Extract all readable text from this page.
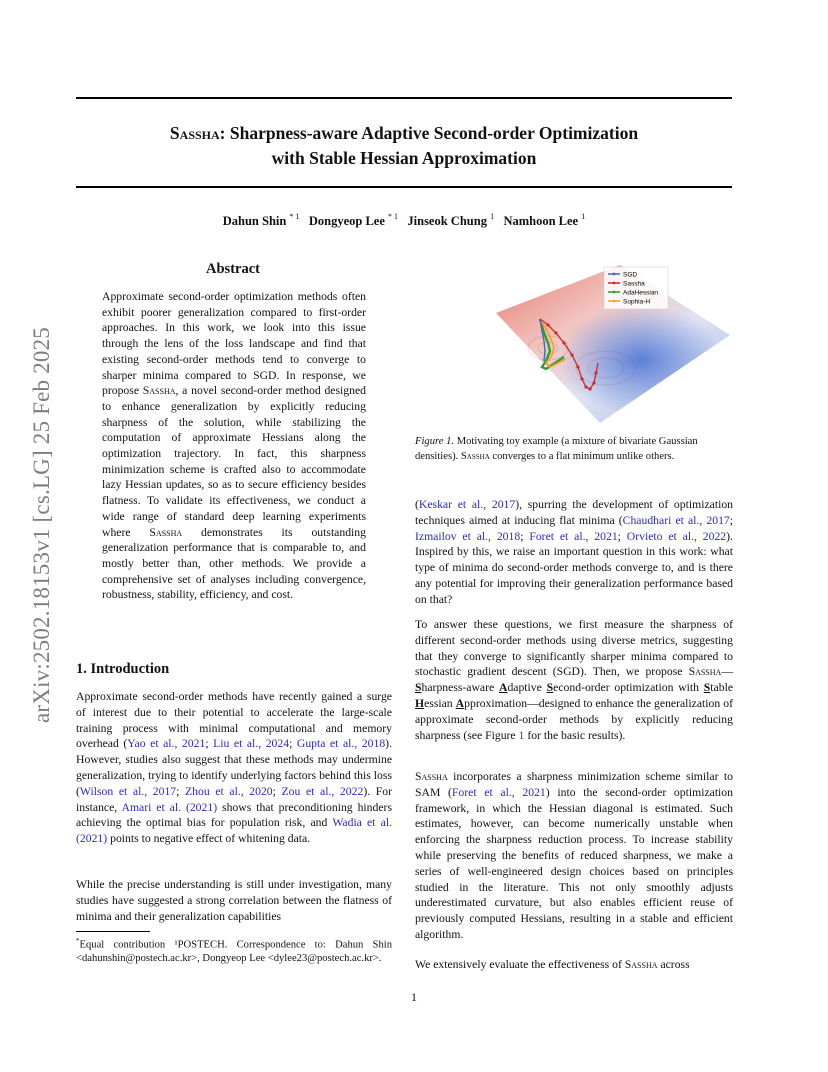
arXiv:2502.18153v1 [cs.LG] 25 Feb 2025
Sassha: Sharpness-aware Adaptive Second-order Optimization
with Stable Hessian Approximation
Dahun Shin $^{* 1}$ Dongyeop Lee $^{* 1}$ Jinseok Chung $^1$ Namhoon Lee $^1$
Abstract
Approximate second-order optimization methods often exhibit poorer generalization compared to first-order approaches. In this work, we look into this issue through the lens of the loss landscape and find that existing second-order methods tend to converge to sharper minima compared to SGD. In response, we propose Sassha, a novel second-order method designed to enhance generalization by explicitly reducing sharpness of the solution, while stabilizing the computation of approximate Hessians along the optimization trajectory. In fact, this sharpness minimization scheme is crafted also to accommodate lazy Hessian updates, so as to secure efficiency besides flatness. To validate its effectiveness, we conduct a wide range of standard deep learning experiments where Sassha demonstrates its outstanding generalization performance that is comparable to, and mostly better than, other methods. We provide a comprehensive set of analyses including convergence, robustness, stability, efficiency, and cost.
1. Introduction
Approximate second-order methods have recently gained a surge of interest due to their potential to accelerate the large-scale training process with minimal computational and memory overhead (Yao et al., 2021; Liu et al., 2024; Gupta et al., 2018). However, studies also suggest that these methods may undermine generalization, trying to identify underlying factors behind this loss (Wilson et al., 2017; Zhou et al., 2020; Zou et al., 2022). For instance, Amari et al. (2021) shows that preconditioning hinders achieving the optimal bias for population risk, and Wadia et al. (2021) points to negative effect of whitening data.
While the precise understanding is still under investigation, many studies have suggested a strong correlation between the flatness of minima and their generalization capabilities
*Equal contribution ¹POSTECH. Correspondence to: Dahun Shin <dahunshin@postech.ac.kr>, Dongyeop Lee <dylee23@postech.ac.kr>.
SGD
Sassha
AdaHessian
Sophia-H
Figure 1. Motivating toy example (a mixture of bivariate Gaussian densities). Sassha converges to a flat minimum unlike others.
(Keskar et al., 2017), spurring the development of optimization techniques aimed at inducing flat minima (Chaudhari et al., 2017; Izmailov et al., 2018; Foret et al., 2021; Orvieto et al., 2022). Inspired by this, we raise an important question in this work: what type of minima do second-order methods converge to, and is there any potential for improving their generalization performance based on that?
To answer these questions, we first measure the sharpness of different second-order methods using diverse metrics, suggesting that they converge to significantly sharper minima compared to stochastic gradient descent (SGD). Then, we propose Sassha—Sharpness-aware Adaptive Second-order optimization with Stable Hessian Approximation—designed to enhance the generalization of approximate second-order methods by explicitly reducing sharpness (see Figure 1 for the basic results).
Sassha incorporates a sharpness minimization scheme similar to SAM (Foret et al., 2021) into the second-order optimization framework, in which the Hessian diagonal is estimated. Such estimates, however, can become numerically unstable when enforcing the sharpness reduction process. To increase stability while preserving the benefits of reduced sharpness, we make a series of well-engineered design choices based on principles studied in the literature. This not only smoothly adjusts underestimated curvature, but also enables efficient reuse of previously computed Hessians, resulting in a stable and efficient algorithm.
We extensively evaluate the effectiveness of Sassha across
1
